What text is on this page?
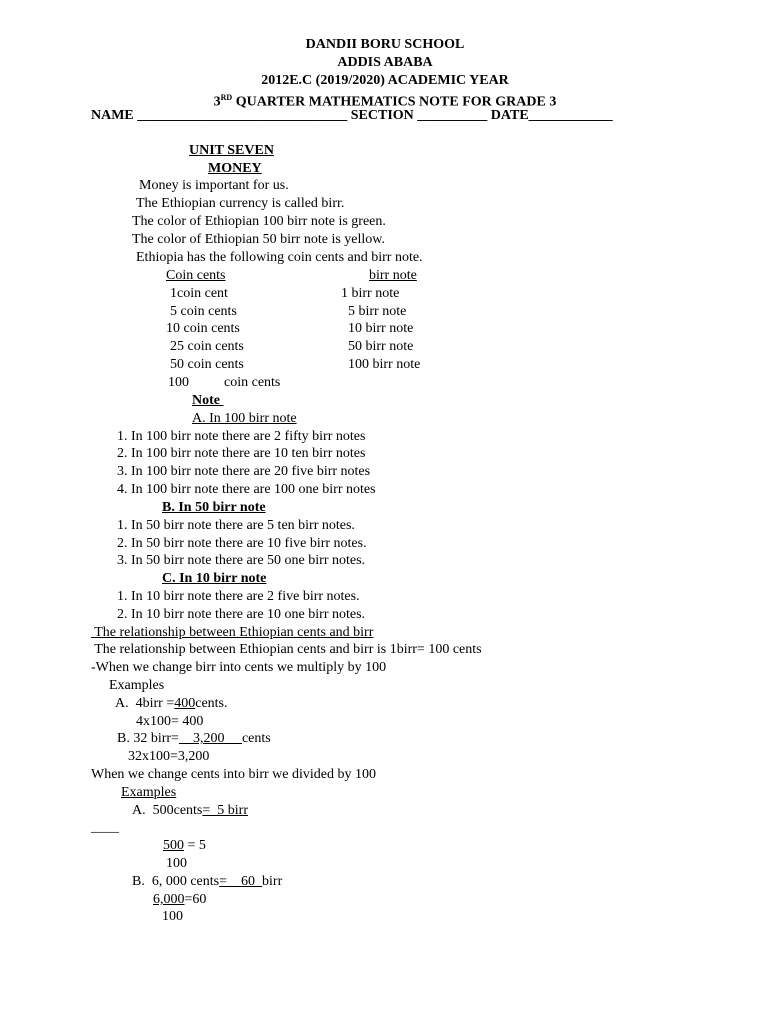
DANDII BORU SCHOOL
ADDIS ABABA
2012E.C (2019/2020) ACADEMIC YEAR
3RD QUARTER MATHEMATICS NOTE FOR GRADE 3
NAME ______________________________ SECTION __________ DATE____________
UNIT SEVEN
MONEY
Money is important for us.
The Ethiopian currency is called birr.
The color of Ethiopian 100 birr note is green.
The color of Ethiopian 50 birr note is yellow.
Ethiopia has the following coin cents and birr note.
Coin cents	birr note
1coin cent
5 coin cents
10 coin cents
25 coin cents
50 coin cents
100          coin cents
1 birr note
5 birr note
10 birr note
50 birr note
100 birr note
Note
A. In 100 birr note
1. In 100 birr note there are 2 fifty birr notes
2. In 100 birr note there are 10 ten birr notes
3. In 100 birr note there are 20 five birr notes
4. In 100 birr note there are 100 one birr notes
B. In 50 birr note
1. In 50 birr note there are 5 ten birr notes.
2. In 50 birr note there are 10 five birr notes.
3. In 50 birr note there are 50 one birr notes.
C. In 10 birr note
1. In 10 birr note there are 2 five birr notes.
2. In 10 birr note there are 10 one birr notes.
The relationship between Ethiopian cents and birr
The relationship between Ethiopian cents and birr is 1birr= 100 cents
-When we change birr into cents we multiply by 100
Examples
A.  4birr =400cents.
4x100= 400
B. 32 birr=    3,200     cents
32x100=3,200
When we change cents into birr we divided by 100
Examples
A.  500cents=  5 birr
____
500 = 5
100
B.  6, 000 cents=    60  birr
6,000=60
100
